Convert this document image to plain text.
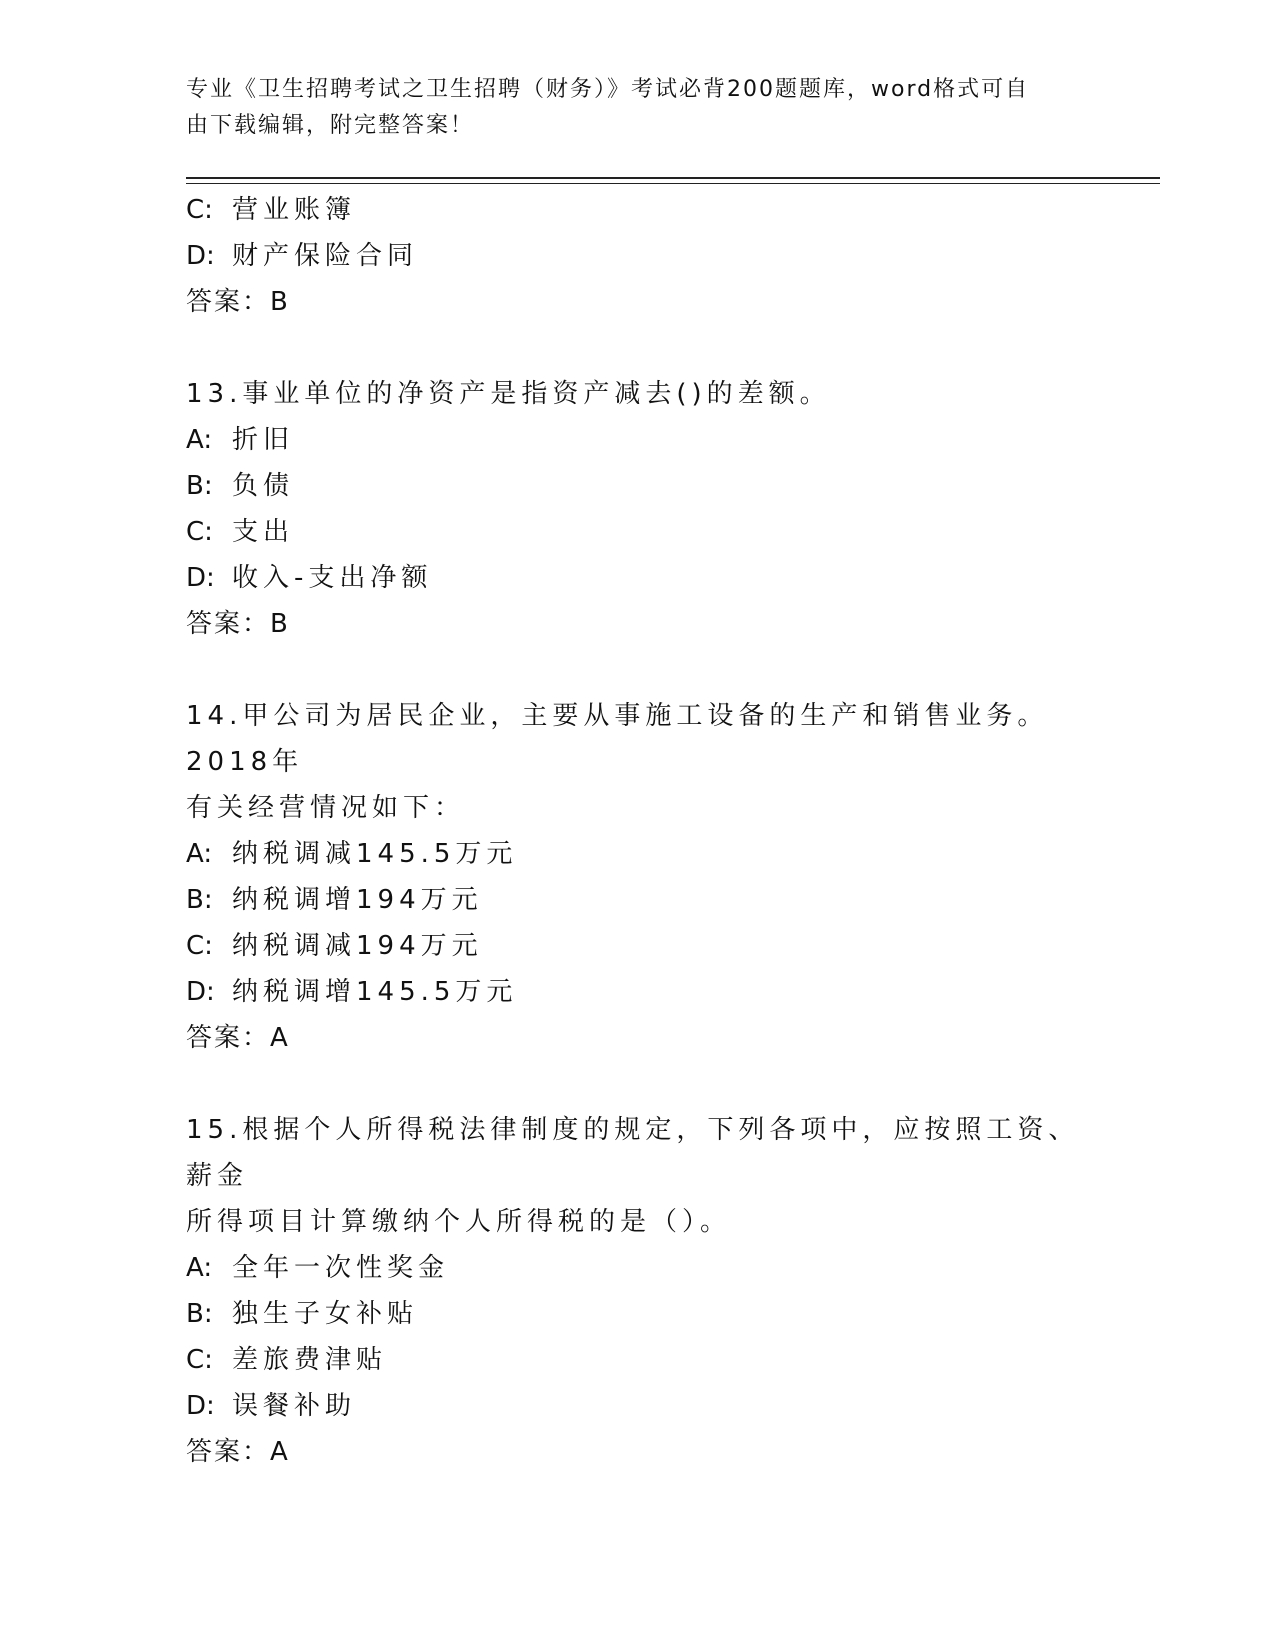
专业《卫生招聘考试之卫生招聘（财务）》考试必背200题题库，word格式可自
由下载编辑，附完整答案！
C: 营业账簿
D: 财产保险合同
答案：B
13.事业单位的净资产是指资产减去()的差额。
A: 折旧
B: 负债
C: 支出
D: 收入-支出净额
答案：B
14.甲公司为居民企业，主要从事施工设备的生产和销售业务。2018年
有关经营情况如下：
A: 纳税调减145.5万元
B: 纳税调增194万元
C: 纳税调减194万元
D: 纳税调增145.5万元
答案：A
15.根据个人所得税法律制度的规定，下列各项中，应按照工资、薪金
所得项目计算缴纳个人所得税的是（）。
A: 全年一次性奖金
B: 独生子女补贴
C: 差旅费津贴
D: 误餐补助
答案：A
